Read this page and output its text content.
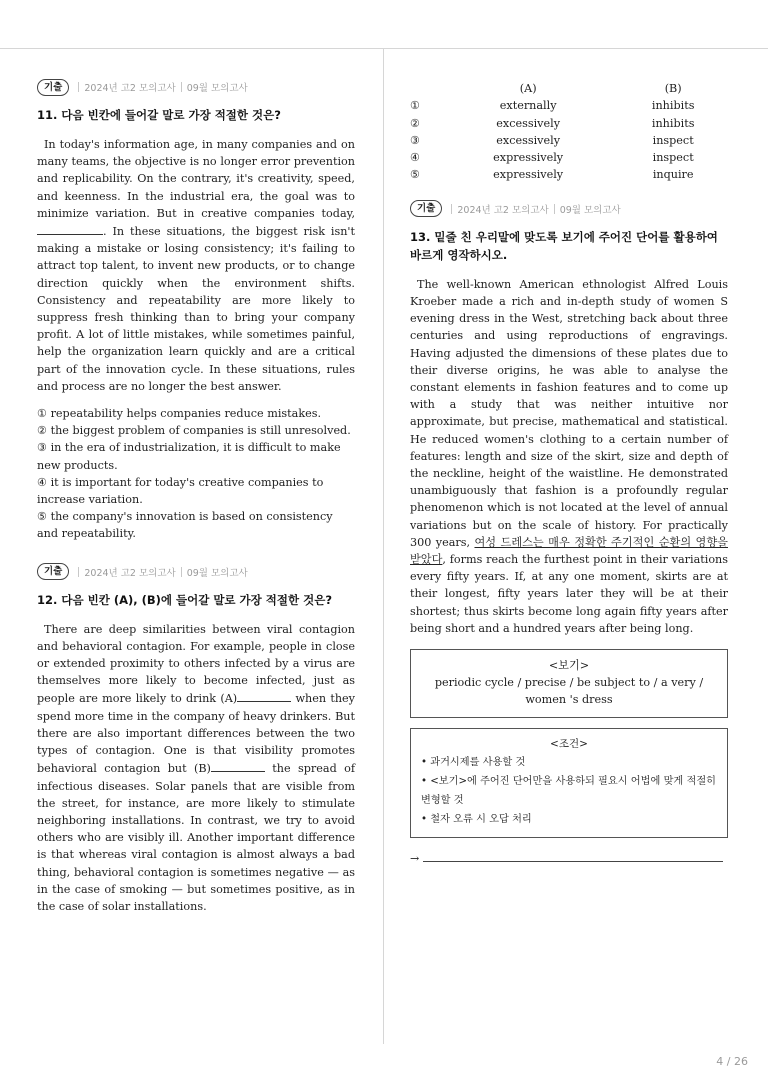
기출	2024년 고2 모의고사 09월 모의고사
11. 다음 빈칸에 들어갈 말로 가장 적절한 것은?

In today's information age, in many companies and on many teams, the objective is no longer error prevention and replicability. On the contrary, it's creativity, speed, and keenness. In the industrial era, the goal was to minimize variation. But in creative companies today, . In these situations, the biggest risk isn't making a mistake or losing consistency; it's failing to attract top talent, to invent new products, or to change direction quickly when the environment shifts. Consistency and repeatability are more likely to suppress fresh thinking than to bring your company profit. A lot of little mistakes, while sometimes painful, help the organization learn quickly and are a critical part of the innovation cycle. In these situations, rules and process are no longer the best answer.

① repeatability helps companies reduce mistakes.
② the biggest problem of companies is still unresolved.
③ in the era of industrialization, it is difficult to make new products.
④ it is important for today's creative companies to increase variation.
⑤ the company's innovation is based on consistency and repeatability.
기출	2024년 고2 모의고사 09월 모의고사
12. 다음 빈칸 (A), (B)에 들어갈 말로 가장 적절한 것은?

There are deep similarities between viral contagion and behavioral contagion. For example, people in close or extended proximity to others infected by a virus are themselves more likely to become infected, just as people are more likely to drink (A)	when they spend more time in the company of heavy drinkers. But there are also important differences between the two types of contagion. One is that visibility promotes behavioral contagion but (B)	the spread of infectious diseases. Solar panels that are visible from the street, for instance, are more likely to stimulate neighboring installations. In contrast, we try to avoid others who are visibly ill. Another important difference is that whereas viral contagion is almost always a bad thing, behavioral contagion is sometimes negative — as in the case of smoking — but sometimes positive, as in the case of solar installations.

	(A)	(B)
①	externally	inhibits
②	excessively	inhibits
③	excessively	inspect
④	expressively	inspect
⑤	expressively	inquire
기출	2024년 고2 모의고사 09월 모의고사
13. 밑줄 친 우리말에 맞도록 보기에 주어진 단어를 활용하여 바르게 영작하시오.

The well-known American ethnologist Alfred Louis Kroeber made a rich and in-depth study of women S evening dress in the West, stretching back about three centuries and using reproductions of engravings. Having adjusted the dimensions of these plates due to their diverse origins, he was able to analyse the constant elements in fashion features and to come up with a study that was neither intuitive nor approximate, but precise, mathematical and statistical. He reduced women's clothing to a certain number of features: length and size of the skirt, size and depth of the neckline, height of the waistline. He demonstrated unambiguously that fashion is a profoundly regular phenomenon which is not located at the level of annual variations but on the scale of history. For practically 300 years, 여성 드레스는 매우 정확한 주기적인 순환의 영향을 받았다, forms reach the furthest point in their variations every fifty years. If, at any one moment, skirts are at their longest, fifty years later they will be at their shortest; thus skirts become long again fifty years after being short and a hundred years after being long.

<보기>
periodic cycle / precise / be subject to / a very / women 's dress
<조건>
• 과거시제를 사용할 것
• <보기>에 주어진 단어만을 사용하되 필요시 어법에 맞게 적절히 변형할 것
• 철자 오류 시 오답 처리
→
4 / 26
